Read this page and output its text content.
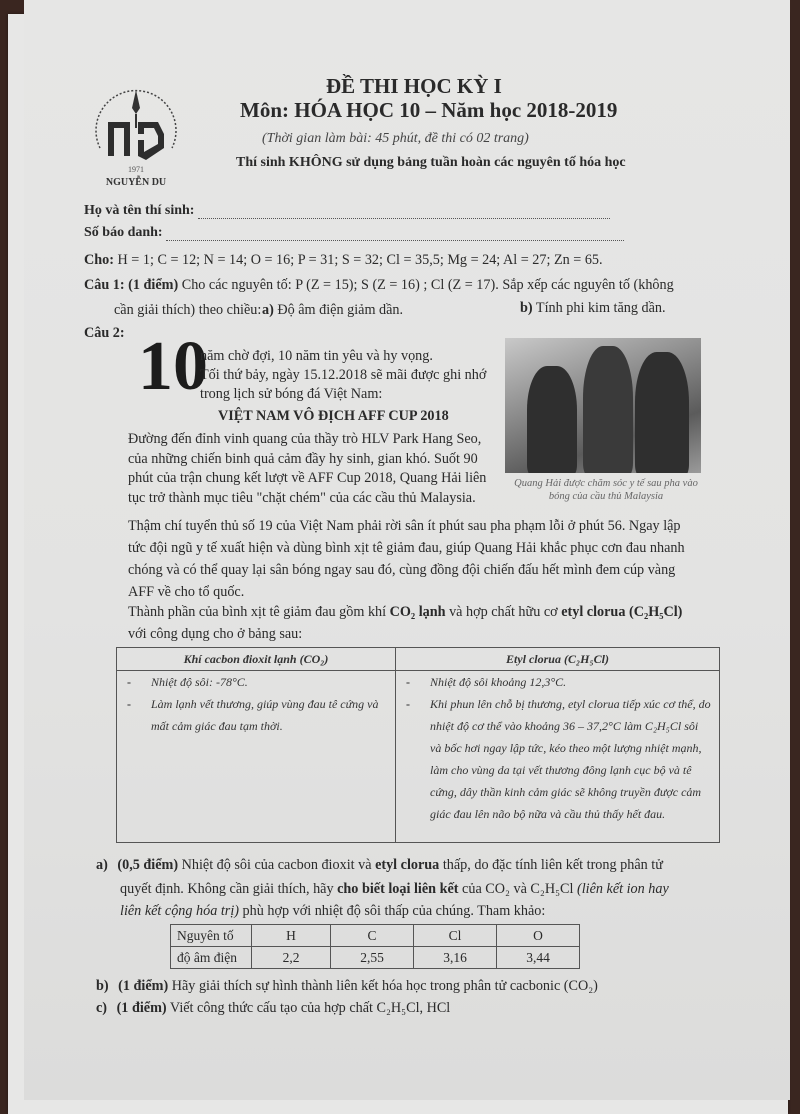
1971
NGUYỄN DU
ĐỀ THI HỌC KỲ I
Môn: HÓA HỌC 10 – Năm học 2018-2019
(Thời gian làm bài: 45 phút, đề thi có 02 trang)
Thí sinh KHÔNG sử dụng bảng tuần hoàn các nguyên tố hóa học
Họ và tên thí sinh:
Số báo danh:
Cho: H = 1; C = 12; N = 14; O = 16; P = 31; S = 32; Cl = 35,5; Mg = 24; Al = 27; Zn = 65.
Câu 1: (1 điểm) Cho các nguyên tố: P (Z = 15); S (Z = 16) ; Cl (Z = 17). Sắp xếp các nguyên tố (không
cần giải thích) theo chiều: a) Độ âm điện giảm dần.	b) Tính phi kim tăng dần.
Câu 2: 10
năm chờ đợi, 10 năm tin yêu và hy vọng.
Tối thứ bảy, ngày 15.12.2018 sẽ mãi được ghi nhớ
trong lịch sử bóng đá Việt Nam:
VIỆT NAM VÔ ĐỊCH AFF CUP 2018
Đường đến đỉnh vinh quang của thầy trò HLV Park Hang Seo,
của những chiến binh quả cảm đầy hy sinh, gian khó. Suốt 90
phút của trận chung kết lượt về AFF Cup 2018, Quang Hải liên
tục trở thành mục tiêu "chặt chém" của các cầu thủ Malaysia.
Quang Hải được chăm sóc y tế sau pha vào bóng của cầu thủ Malaysia
Thậm chí tuyển thủ số 19 của Việt Nam phải rời sân ít phút sau pha phạm lỗi ở phút 56. Ngay lập
tức đội ngũ y tế xuất hiện và dùng bình xịt tê giảm đau, giúp Quang Hải khắc phục cơn đau nhanh
chóng và có thể quay lại sân bóng ngay sau đó, cùng đồng đội chiến đấu hết mình đem cúp vàng
AFF về cho tổ quốc.
Thành phần của bình xịt tê giảm đau gồm khí CO₂ lạnh và hợp chất hữu cơ etyl clorua (C₂H₅Cl)
với công dụng cho ở bảng sau:
Khí cacbon đioxit lạnh (CO₂)	Etyl clorua (C₂H₅Cl)

- Nhiệt độ sôi: -78°C.
- Làm lạnh vết thương, giúp vùng đau tê cứng và mất cảm giác đau tạm thời.

- Nhiệt độ sôi khoảng 12,3°C.
- Khi phun lên chỗ bị thương, etyl clorua tiếp xúc cơ thể, do nhiệt độ cơ thể vào khoảng 36 – 37,2°C làm C₂H₅Cl sôi và bốc hơi ngay lập tức, kéo theo một lượng nhiệt mạnh, làm cho vùng da tại vết thương đông lạnh cục bộ và tê cứng, dây thần kinh cảm giác sẽ không truyền được cảm giác đau lên não bộ nữa và cầu thủ thấy hết đau.
a) (0,5 điểm) Nhiệt độ sôi của cacbon đioxit và etyl clorua thấp, do đặc tính liên kết trong phân tử
quyết định. Không cần giải thích, hãy cho biết loại liên kết của CO₂ và C₂H₅Cl (liên kết ion hay
liên kết cộng hóa trị) phù hợp với nhiệt độ sôi thấp của chúng. Tham khảo:
Nguyên tố	H	C	Cl	O
độ âm điện	2,2	2,55	3,16	3,44
b) (1 điểm) Hãy giải thích sự hình thành liên kết hóa học trong phân tử cacbonic (CO₂)
c) (1 điểm) Viết công thức cấu tạo của hợp chất C₂H₅Cl, HCl
